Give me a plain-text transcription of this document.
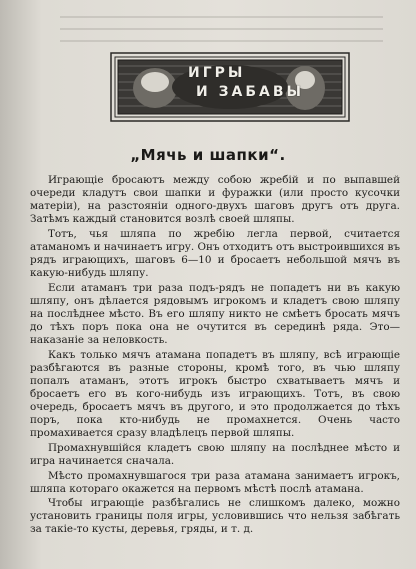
ИГРЫ
И ЗАБАВЫ
„Мячь и шапки“.

Играющіе бросаютъ между собою жребій и по выпавшей очереди кладутъ свои шапки и фуражки (или просто кусочки матеріи), на разстояніи одного-двухъ шаговъ другъ отъ друга. Затѣмъ каждый становится возлѣ своей шляпы.

Тотъ, чья шляпа по жребію легла первой, считается атаманомъ и начинаетъ игру. Онъ отходитъ отъ выстроившихся въ рядъ играющихъ, шаговъ 6—10 и бросаетъ небольшой мячъ въ какую-нибудь шляпу.

Если атаманъ три раза подъ-рядъ не попадетъ ни въ какую шляпу, онъ дѣлается рядовымъ игрокомъ и кладетъ свою шляпу на послѣднее мѣсто. Въ его шляпу никто не смѣетъ бросать мячъ до тѣхъ поръ пока она не очутится въ серединѣ ряда. Это—наказаніе за неловкость.

Какъ только мячъ атамана попадетъ въ шляпу, всѣ играющіе разбѣгаются въ разные стороны, кромѣ того, въ чью шляпу попалъ атаманъ, этотъ игрокъ быстро схватываетъ мячъ и бросаетъ его въ кого-нибудь изъ играющихъ. Тотъ, въ свою очередь, бросаетъ мячъ въ другого, и это продолжается до тѣхъ поръ, пока кто-нибудь не промахнется. Очень часто промахивается сразу владѣлецъ первой шляпы.

Промахнувшійся кладетъ свою шляпу на послѣднее мѣсто и игра начинается сначала.

Мѣсто промахнувшагося три раза атамана занимаетъ игрокъ, шляпа котораго окажется на первомъ мѣстѣ послѣ атамана.

Чтобы играющіе разбѣгались не слишкомъ далеко, можно установить границы поля игры, условившись что нельзя забѣгать за такіе-то кусты, деревья, гряды, и т. д.
